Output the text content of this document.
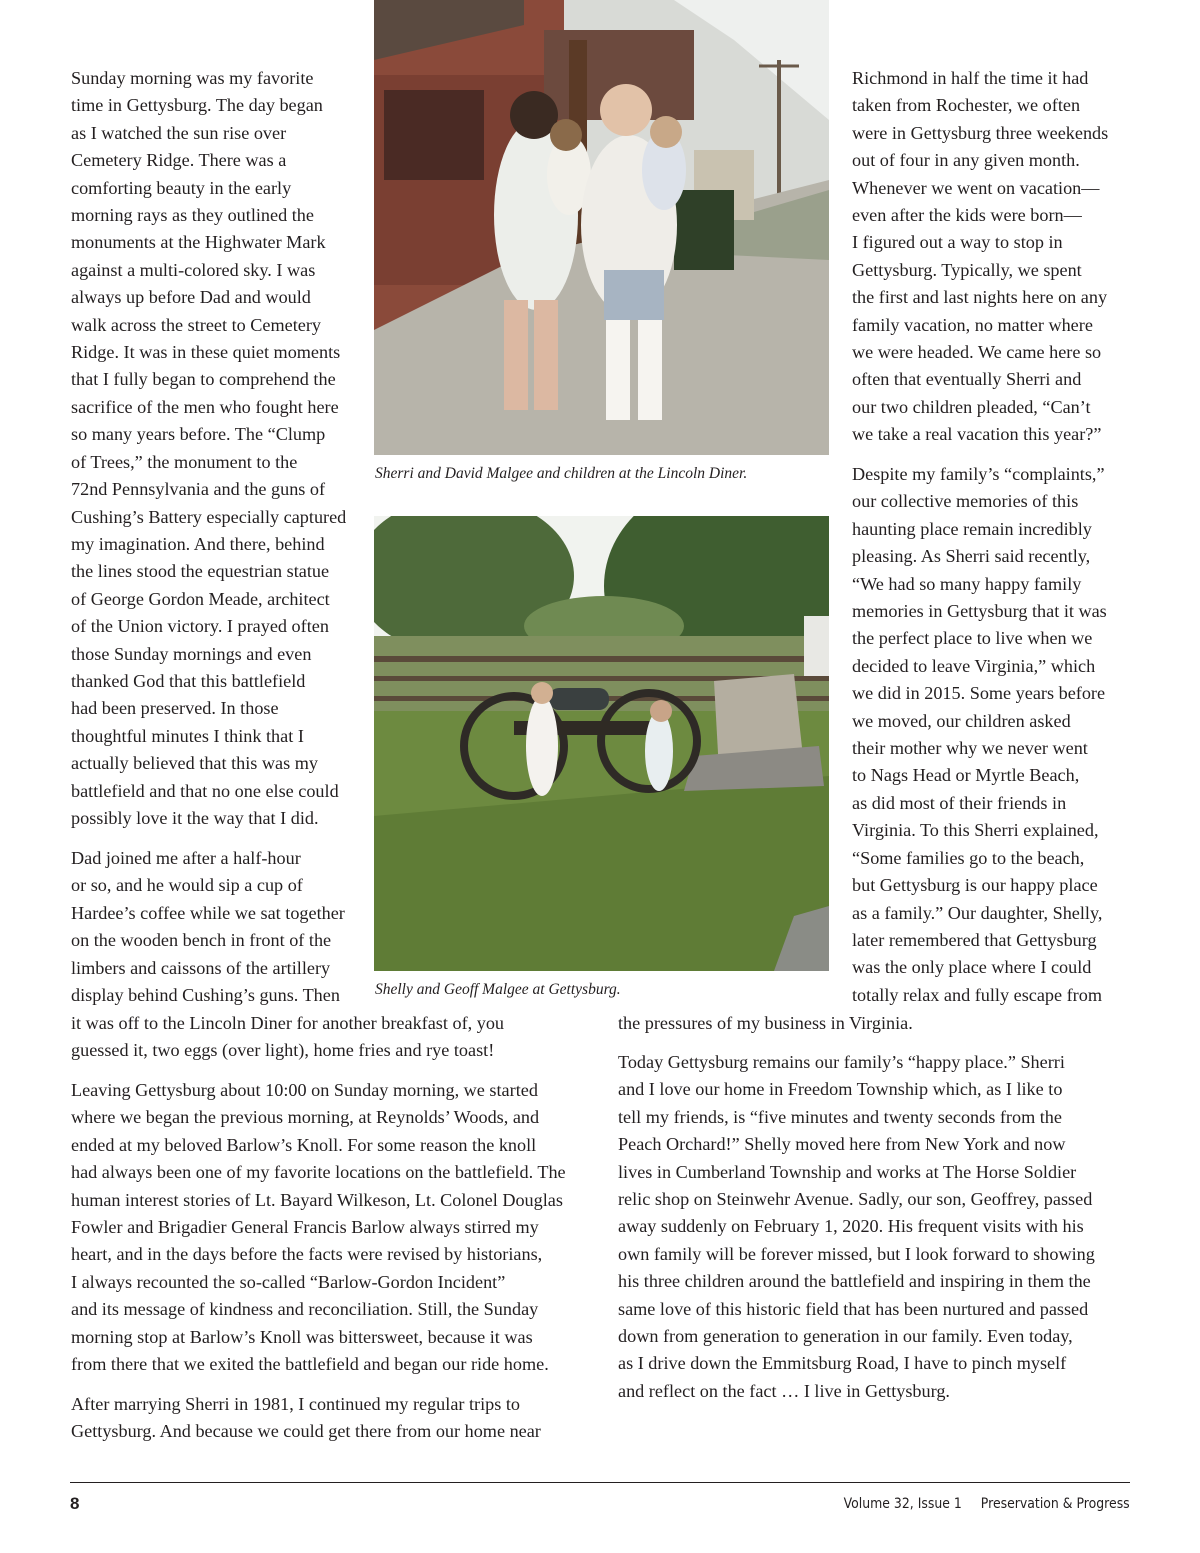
Sunday morning was my favorite
time in Gettysburg. The day began
as I watched the sun rise over
Cemetery Ridge. There was a
comforting beauty in the early
morning rays as they outlined the
monuments at the Highwater Mark
against a multi-colored sky. I was
always up before Dad and would
walk across the street to Cemetery
Ridge. It was in these quiet moments
that I fully began to comprehend the
sacrifice of the men who fought here
so many years before. The “Clump
of Trees,” the monument to the
72nd Pennsylvania and the guns of
Cushing’s Battery especially captured
my imagination. And there, behind
the lines stood the equestrian statue
of George Gordon Meade, architect
of the Union victory. I prayed often
those Sunday mornings and even
thanked God that this battlefield
had been preserved. In those
thoughtful minutes I think that I
actually believed that this was my
battlefield and that no one else could
possibly love it the way that I did.
Dad joined me after a half-hour
or so, and he would sip a cup of
Hardee’s coffee while we sat together
on the wooden bench in front of the
limbers and caissons of the artillery
display behind Cushing’s guns. Then
Sherri and David Malgee and children at the Lincoln Diner.
Shelly and Geoff Malgee at Gettysburg.
Richmond in half the time it had
taken from Rochester, we often
were in Gettysburg three weekends
out of four in any given month.
Whenever we went on vacation—
even after the kids were born—
I figured out a way to stop in
Gettysburg. Typically, we spent
the first and last nights here on any
family vacation, no matter where
we were headed. We came here so
often that eventually Sherri and
our two children pleaded, “Can’t
we take a real vacation this year?”
Despite my family’s “complaints,”
our collective memories of this
haunting place remain incredibly
pleasing. As Sherri said recently,
“We had so many happy family
memories in Gettysburg that it was
the perfect place to live when we
decided to leave Virginia,” which
we did in 2015. Some years before
we moved, our children asked
their mother why we never went
to Nags Head or Myrtle Beach,
as did most of their friends in
Virginia. To this Sherri explained,
“Some families go to the beach,
but Gettysburg is our happy place
as a family.” Our daughter, Shelly,
later remembered that Gettysburg
was the only place where I could
totally relax and fully escape from
it was off to the Lincoln Diner for another breakfast of, you
guessed it, two eggs (over light), home fries and rye toast!
Leaving Gettysburg about 10:00 on Sunday morning, we started
where we began the previous morning, at Reynolds’ Woods, and
ended at my beloved Barlow’s Knoll. For some reason the knoll
had always been one of my favorite locations on the battlefield. The
human interest stories of Lt. Bayard Wilkeson, Lt. Colonel Douglas
Fowler and Brigadier General Francis Barlow always stirred my
heart, and in the days before the facts were revised by historians,
I always recounted the so-called “Barlow-Gordon Incident”
and its message of kindness and reconciliation. Still, the Sunday
morning stop at Barlow’s Knoll was bittersweet, because it was
from there that we exited the battlefield and began our ride home.
After marrying Sherri in 1981, I continued my regular trips to
Gettysburg. And because we could get there from our home near
the pressures of my business in Virginia.
Today Gettysburg remains our family’s “happy place.” Sherri
and I love our home in Freedom Township which, as I like to
tell my friends, is “five minutes and twenty seconds from the
Peach Orchard!” Shelly moved here from New York and now
lives in Cumberland Township and works at The Horse Soldier
relic shop on Steinwehr Avenue. Sadly, our son, Geoffrey, passed
away suddenly on February 1, 2020. His frequent visits with his
own family will be forever missed, but I look forward to showing
his three children around the battlefield and inspiring in them the
same love of this historic field that has been nurtured and passed
down from generation to generation in our family. Even today,
as I drive down the Emmitsburg Road, I have to pinch myself
and reflect on the fact … I live in Gettysburg.
8	Volume 32, Issue 1 Preservation & Progress
